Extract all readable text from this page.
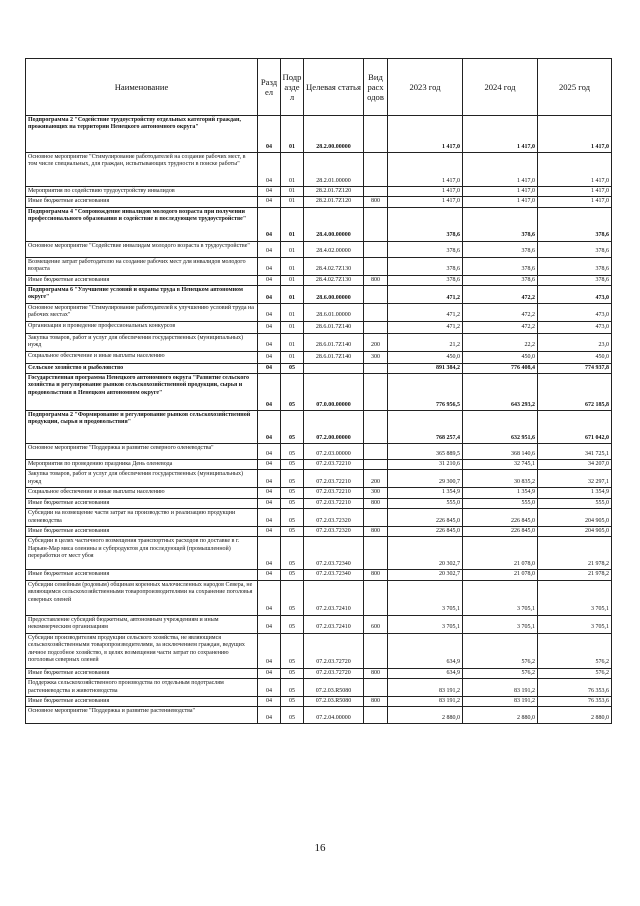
Наименование	Разд ел	Подр азде л	Целевая статья	Вид расх одов	2023 год	2024 год	2025 год
Подпрограмма 2 "Содействие трудоустройству отдельных категорий граждан, проживающих на территории Ненецкого автономного округа"	04	01	28.2.00.00000		1 417,0	1 417,0	1 417,0
Основное мероприятие "Стимулирование работодателей на создание рабочих мест, в том числе специальных, для граждан, испытывающих трудности в поиске работы"	04	01	28.2.01.00000		1 417,0	1 417,0	1 417,0
Мероприятия по содействию трудоустройству инвалидов	04	01	28.2.01.7Z120		1 417,0	1 417,0	1 417,0
Иные бюджетные ассигнования	04	01	28.2.01.7Z120	800	1 417,0	1 417,0	1 417,0
Подпрограмма 4 "Сопровождение инвалидов молодого возраста при получении профессионального образования и содействие в последующем трудоустройстве"	04	01	28.4.00.00000		378,6	378,6	378,6
Основное мероприятие "Содействие инвалидам молодого возраста в трудоустройстве"	04	01	28.4.02.00000		378,6	378,6	378,6
Возмещение затрат работодателю на создание рабочих мест для инвалидов молодого возраста	04	01	28.4.02.7Z130		378,6	378,6	378,6
Иные бюджетные ассигнования	04	01	28.4.02.7Z130	800	378,6	378,6	378,6
Подпрограмма 6 "Улучшение условий и охраны труда в Ненецком автономном округе"	04	01	28.6.00.00000		471,2	472,2	473,0
Основное мероприятие "Стимулирование работодателей к улучшению условий труда на рабочих местах"	04	01	28.6.01.00000		471,2	472,2	473,0
Организация и проведение профессиональных конкурсов	04	01	28.6.01.7Z140		471,2	472,2	473,0
Закупка товаров, работ и услуг для обеспечения государственных (муниципальных) нужд	04	01	28.6.01.7Z140	200	21,2	22,2	23,0
Социальное обеспечение и иные выплаты населению	04	01	28.6.01.7Z140	300	450,0	450,0	450,0
Сельское хозяйство и рыболовство	04	05			891 384,2	776 408,4	774 937,8
Государственная программа Ненецкого автономного округа "Развитие сельского хозяйства и регулирование рынков сельскохозяйственной продукции, сырья и продовольствия в Ненецком автономном округе"	04	05	07.0.00.00000		776 956,5	643 293,2	672 185,8
Подпрограмма 2 "Формирование и регулирование рынков сельскохозяйственной продукции, сырья и продовольствия"	04	05	07.2.00.00000		768 257,4	632 951,6	671 042,0
Основное мероприятие "Поддержка и развитие северного оленеводства"	04	05	07.2.03.00000		365 889,5	368 140,6	341 725,1
Мероприятия по проведению праздника День оленевода	04	05	07.2.03.72210		31 210,6	32 745,1	34 207,0
Закупка товаров, работ и услуг для обеспечения государственных (муниципальных) нужд	04	05	07.2.03.72210	200	29 300,7	30 835,2	32 297,1
Социальное обеспечение и иные выплаты населению	04	05	07.2.03.72210	300	1 354,9	1 354,9	1 354,9
Иные бюджетные ассигнования	04	05	07.2.03.72210	800	555,0	555,0	555,0
Субсидии на возмещение части затрат на производство и реализацию продукции оленеводства	04	05	07.2.03.72320		226 845,0	226 845,0	204 905,0
Иные бюджетные ассигнования	04	05	07.2.03.72320	800	226 845,0	226 845,0	204 905,0
Субсидии в целях частичного возмещения транспортных расходов по доставке в г. Нарьян-Мар мяса оленины и субпродуктов для последующей (промышленной) переработки от мест убоя	04	05	07.2.03.72340		20 302,7	21 078,0	21 978,2
Иные бюджетные ассигнования	04	05	07.2.03.72340	800	20 302,7	21 078,0	21 978,2
Субсидии семейным (родовым) общинам коренных малочисленных народов Севера, не являющимся сельскохозяйственными товаропроизводителями на сохранение поголовья северных оленей	04	05	07.2.03.72410		3 705,1	3 705,1	3 705,1
Предоставление субсидий бюджетным, автономным учреждениям и иным некоммерческим организациям	04	05	07.2.03.72410	600	3 705,1	3 705,1	3 705,1
Субсидии производителям продукции сельского хозяйства, не являющимся сельскохозяйственными товаропроизводителями, за исключением граждан, ведущих личное подсобное хозяйство, в целях возмещения части затрат по сохранению поголовья северных оленей	04	05	07.2.03.72720		634,9	576,2	576,2
Иные бюджетные ассигнования	04	05	07.2.03.72720	800	634,9	576,2	576,2
Поддержка сельскохозяйственного производства по отдельным подотраслям растениеводства и животноводства	04	05	07.2.03.R5080		83 191,2	83 191,2	76 353,6
Иные бюджетные ассигнования	04	05	07.2.03.R5080	800	83 191,2	83 191,2	76 353,6
Основное мероприятие "Поддержка и развитие растениеводства"	04	05	07.2.04.00000		2 880,0	2 880,0	2 880,0
16
